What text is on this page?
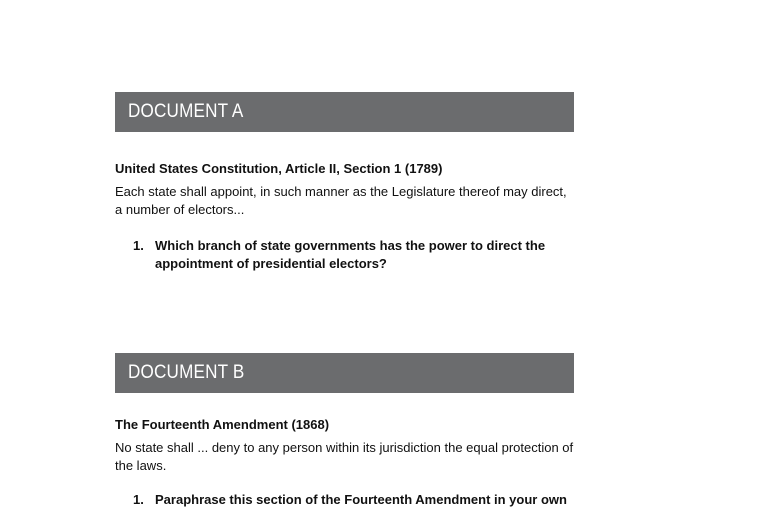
DOCUMENT A
United States Constitution, Article II, Section 1 (1789)
Each state shall appoint, in such manner as the Legislature thereof may direct,
a number of electors...
1. Which branch of state governments has the power to direct the
appointment of presidential electors?
DOCUMENT B
The Fourteenth Amendment (1868)
No state shall ... deny to any person within its jurisdiction the equal protection of
the laws.
1. Paraphrase this section of the Fourteenth Amendment in your own
